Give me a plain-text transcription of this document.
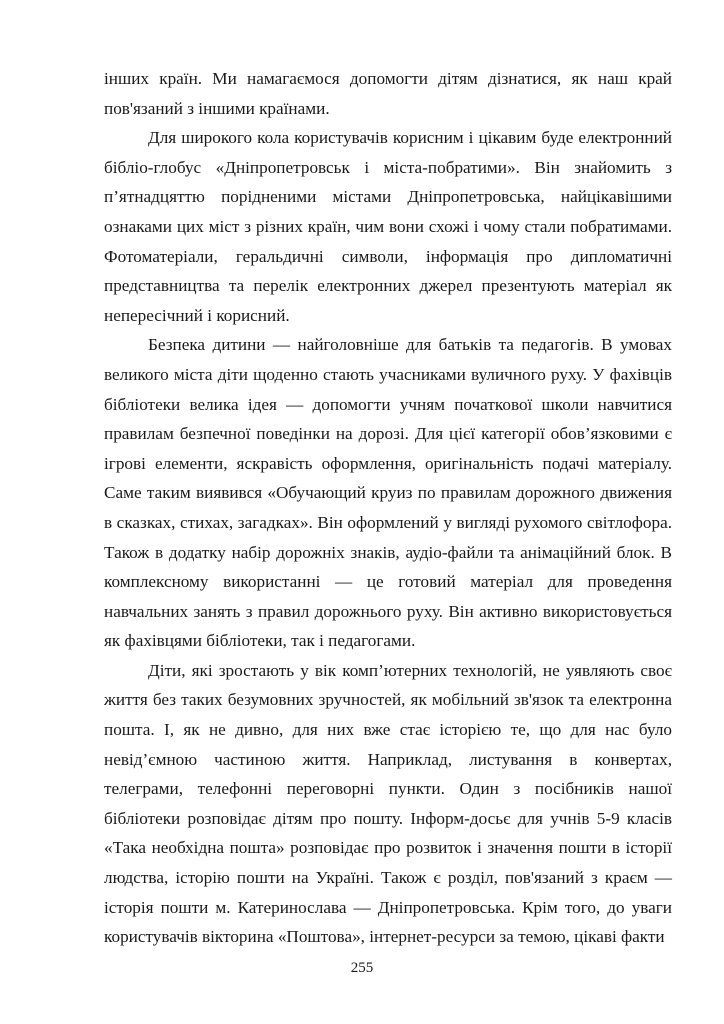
інших країн. Ми намагаємося допомогти дітям дізнатися, як наш край пов'язаний з іншими країнами.

Для широкого кола користувачів корисним і цікавим буде електронний бібліо-глобус «Дніпропетровськ і міста-побратими». Він знайомить з п’ятнадцяттю порідненими містами Дніпропетровська, найцікавішими ознаками цих міст з різних країн, чим вони схожі і чому стали побратимами. Фотоматеріали, геральдичні символи, інформація про дипломатичні представництва та перелік електронних джерел презентують матеріал як непересічний і корисний.

Безпека дитини — найголовніше для батьків та педагогів. В умовах великого міста діти щоденно стають учасниками вуличного руху. У фахівців бібліотеки велика ідея — допомогти учням початкової школи навчитися правилам безпечної поведінки на дорозі. Для цієї категорії обов’язковими є ігрові елементи, яскравість оформлення, оригінальність подачі матеріалу. Саме таким виявився «Обучающий круиз по правилам дорожного движения в сказках, стихах, загадках». Він оформлений у вигляді рухомого світлофора. Також в додатку набір дорожніх знаків, аудіо-файли та анімаційний блок. В комплексному використанні — це готовий матеріал для проведення навчальних занять з правил дорожнього руху. Він активно використовується як фахівцями бібліотеки, так і педагогами.

Діти, які зростають у вік комп’ютерних технологій, не уявляють своє життя без таких безумовних зручностей, як мобільний зв'язок та електронна пошта. І, як не дивно, для них вже стає історією те, що для нас було невід’ємною частиною життя. Наприклад, листування в конвертах, телеграми, телефонні переговорні пункти. Один з посібників нашої бібліотеки розповідає дітям про пошту. Інформ-досьє для учнів 5-9 класів «Така необхідна пошта» розповідає про розвиток і значення пошти в історії людства, історію пошти на Україні. Також є розділ, пов'язаний з краєм — історія пошти м. Катеринослава — Дніпропетровська. Крім того, до уваги користувачів вікторина «Поштова», інтернет-ресурси за темою, цікаві факти

255
